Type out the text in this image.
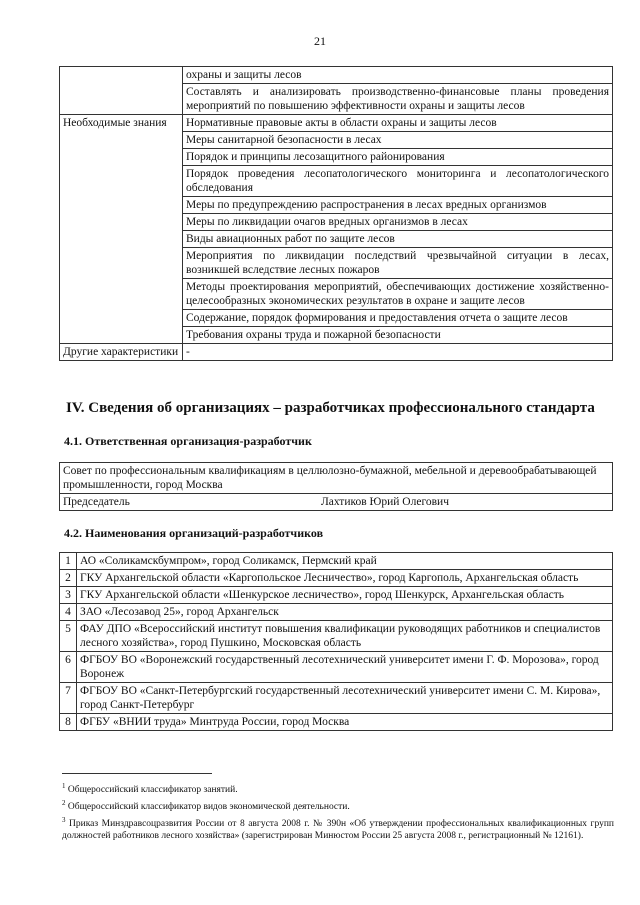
21
	охраны и защиты лесов
	Составлять и анализировать производственно-финансовые планы проведения мероприятий по повышению эффективности охраны и защиты лесов
Необходимые знания	Нормативные правовые акты в области охраны и защиты лесов
	Меры санитарной безопасности в лесах
	Порядок и принципы лесозащитного районирования
	Порядок проведения лесопатологического мониторинга и лесопатологического обследования
	Меры по предупреждению распространения в лесах вредных организмов
	Меры по ликвидации очагов вредных организмов в лесах
	Виды авиационных работ по защите лесов
	Мероприятия по ликвидации последствий чрезвычайной ситуации в лесах, возникшей вследствие лесных пожаров
	Методы проектирования мероприятий, обеспечивающих достижение хозяйственно-целесообразных экономических результатов в охране и защите лесов
	Содержание, порядок формирования и предоставления отчета о защите лесов
	Требования охраны труда и пожарной безопасности
Другие характеристики	-
IV. Сведения об организациях – разработчиках профессионального стандарта
4.1. Ответственная организация-разработчик
Совет по профессиональным квалификациям в целлюлозно-бумажной, мебельной и деревообрабатывающей промышленности, город Москва

Председатель	Лахтиков Юрий Олегович
4.2. Наименования организаций-разработчиков
1	АО «Соликамскбумпром», город Соликамск, Пермский край
2	ГКУ Архангельской области «Каргопольское Лесничество», город Каргополь, Архангельская область
3	ГКУ Архангельской области «Шенкурское лесничество», город Шенкурск, Архангельская область
4	ЗАО «Лесозавод 25», город Архангельск
5	ФАУ ДПО «Всероссийский институт повышения квалификации руководящих работников и специалистов лесного хозяйства», город Пушкино, Московская область
6	ФГБОУ ВО «Воронежский государственный лесотехнический университет имени Г. Ф. Морозова», город Воронеж
7	ФГБОУ ВО «Санкт-Петербургский государственный лесотехнический университет имени С. М. Кирова», город Санкт-Петербург
8	ФГБУ «ВНИИ труда» Минтруда России, город Москва

$^1$ Общероссийский классификатор занятий.

$^2$ Общероссийский классификатор видов экономической деятельности.

$^3$ Приказ Минздравсоцразвития России от 8 августа 2008 г. № 390н «Об утверждении профессиональных квалификационных групп должностей работников лесного хозяйства» (зарегистрирован Минюстом России 25 августа 2008 г., регистрационный № 12161).
